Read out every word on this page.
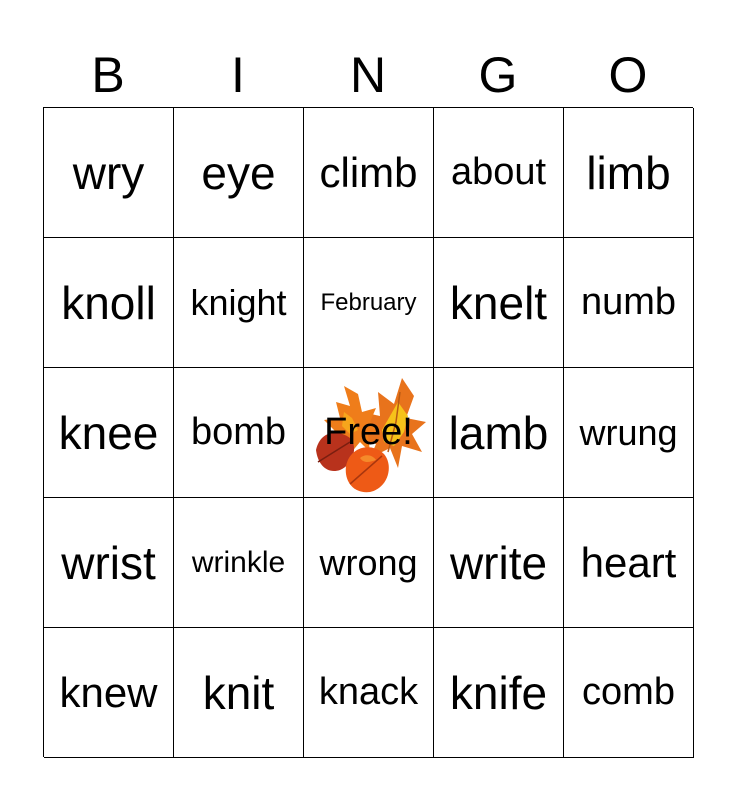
B	I	N	G	O
wry eye climb about limb
knoll knight February knelt numb
knee bomb Free! lamb wrung
wrist wrinkle wrong write heart
knew knit knack knife comb
